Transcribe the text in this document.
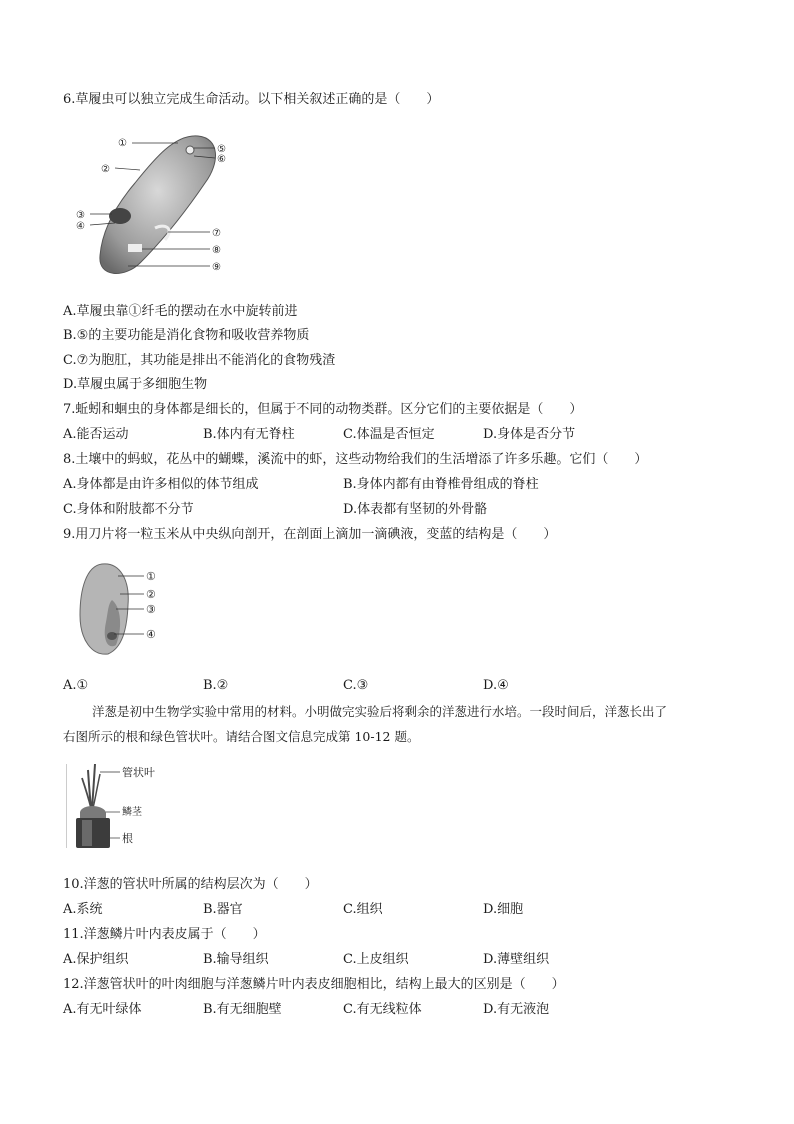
6.草履虫可以独立完成生命活动。以下相关叙述正确的是（　　）
①
②
③
④
⑤
⑥
⑦
⑧
⑨
A.草履虫靠①纤毛的摆动在水中旋转前进
B.⑤的主要功能是消化食物和吸收营养物质
C.⑦为胞肛，其功能是排出不能消化的食物残渣
D.草履虫属于多细胞生物
7.蚯蚓和蛔虫的身体都是细长的，但属于不同的动物类群。区分它们的主要依据是（　　）
A.能否运动	B.体内有无脊柱	C.体温是否恒定	D.身体是否分节
8.土壤中的蚂蚁，花丛中的蝴蝶，溪流中的虾，这些动物给我们的生活增添了许多乐趣。它们（　　）
A.身体都是由许多相似的体节组成	B.身体内都有由脊椎骨组成的脊柱
C.身体和附肢都不分节	D.体表都有坚韧的外骨骼
9.用刀片将一粒玉米从中央纵向剖开，在剖面上滴加一滴碘液，变蓝的结构是（　　）
①
②
③
④
A.①	B.②	C.③	D.④
洋葱是初中生物学实验中常用的材料。小明做完实验后将剩余的洋葱进行水培。一段时间后，洋葱长出了
右图所示的根和绿色管状叶。请结合图文信息完成第 10-12 题。
管状叶
鳞茎
根
10.洋葱的管状叶所属的结构层次为（　　）
A.系统	B.器官	C.组织	D.细胞
11.洋葱鳞片叶内表皮属于（　　）
A.保护组织	B.输导组织	C.上皮组织	D.薄壁组织
12.洋葱管状叶的叶肉细胞与洋葱鳞片叶内表皮细胞相比，结构上最大的区别是（　　）
A.有无叶绿体	B.有无细胞壁	C.有无线粒体	D.有无液泡
